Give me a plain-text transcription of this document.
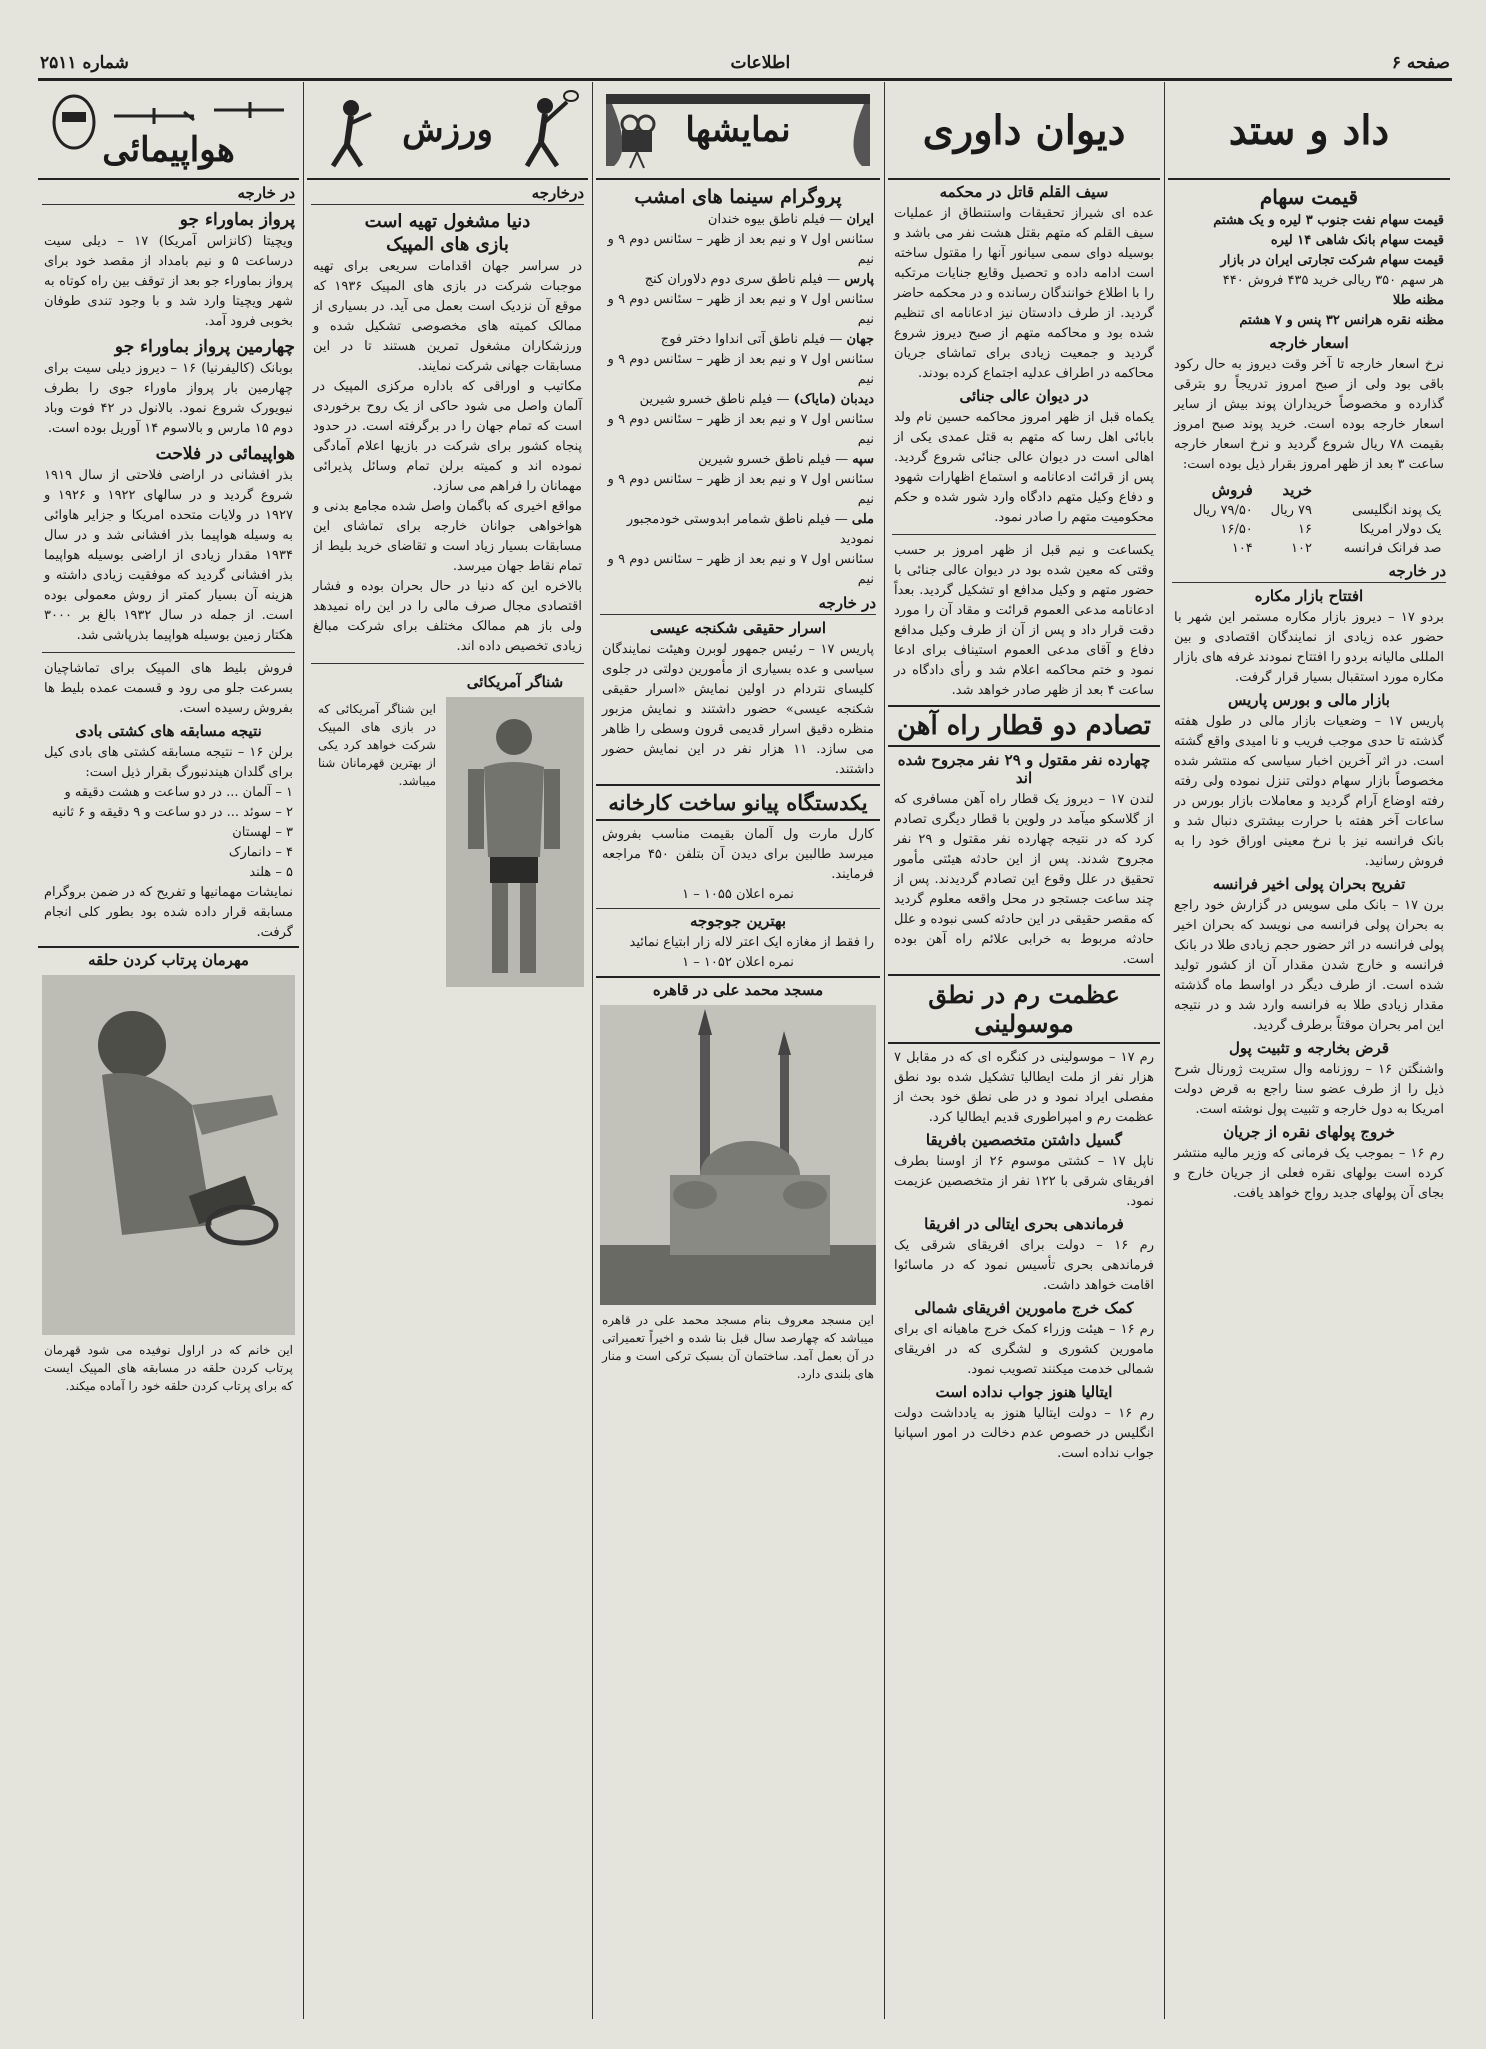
صفحه ۶
اطلاعات
شماره ۲۵۱۱
داد و ستد
قیمت سهام
قیمت سهام نفت جنوب ۳ لیره و یک هشتم
قیمت سهام بانک شاهی ۱۴ لیره
قیمت سهام شرکت تجارتی ایران در بازار
هر سهم ۳۵۰ ریالی خرید ۴۳۵ فروش ۴۴۰
مظنه طلا
مظنه نقره هرانس ۳۲ پنس و ۷ هشتم
اسعار خارجه
نرخ اسعار خارجه تا آخر وقت دیروز به حال رکود باقی بود ولی از صبح امروز تدریجاً رو بترقی گذارده و مخصوصاً خریداران پوند بیش از سایر اسعار خارجه بوده است. خرید پوند صبح امروز بقیمت ۷۸ ریال شروع گردید و نرخ اسعار خارجه ساعت ۳ بعد از ظهر امروز بقرار ذیل بوده است:
	خرید	فروش
یک پوند انگلیسی	۷۹ ریال	۷۹/۵۰ ریال
یک دولار امریکا	۱۶	۱۶/۵۰
صد فرانک فرانسه	۱۰۲	۱۰۴
در خارجه
افتتاح بازار مکاره
بردو ۱۷ – دیروز بازار مکاره مستمر این شهر با حضور عده زیادی از نمایندگان اقتصادی و بین المللی مالیانه بردو را افتتاح نمودند غرفه های بازار مکاره مورد استقبال بسیار قرار گرفت.
بازار مالی و بورس پاریس
پاریس ۱۷ – وضعیات بازار مالی در طول هفته گذشته تا حدی موجب فریب و نا امیدی واقع گشته است. در اثر آخرین اخبار سیاسی که منتشر شده مخصوصاً بازار سهام دولتی تنزل نموده ولی رفته رفته اوضاع آرام گردید و معاملات بازار بورس در ساعات آخر هفته با حرارت بیشتری دنبال شد و بانک فرانسه نیز با نرخ معینی اوراق خود را به فروش رسانید.
تفریح بحران پولی اخیر فرانسه
برن ۱۷ – بانک ملی سویس در گزارش خود راجع به بحران پولی فرانسه می نویسد که بحران اخیر پولی فرانسه در اثر حضور حجم زیادی طلا در بانک فرانسه و خارج شدن مقدار آن از کشور تولید شده است. از طرف دیگر در اواسط ماه گذشته مقدار زیادی طلا به فرانسه وارد شد و در نتیجه این امر بحران موقتاً برطرف گردید.
قرض بخارجه و تثبیت پول
واشنگتن ۱۶ – روزنامه وال ستریت ژورنال شرح ذیل را از طرف عضو سنا راجع به قرض دولت امریکا به دول خارجه و تثبیت پول نوشته است.
خروج پولهای نقره از جریان
رم ۱۶ – بموجب یک فرمانی که وزیر مالیه منتشر کرده است بولهای نقره فعلی از جریان خارج و بجای آن پولهای جدید رواج خواهد یافت.
دیوان داوری
سیف القلم قاتل در محکمه
عده ای شیراز تحقیقات واستنطاق از عملیات سیف القلم که متهم بقتل هشت نفر می باشد و بوسیله دوای سمی سیانور آنها را مقتول ساخته است ادامه داده و تحصیل وقایع جنایات مرتکبه را با اطلاع خوانندگان رسانده و در محکمه حاضر گردید. از طرف دادستان نیز ادعانامه ای تنظیم شده بود و محاکمه متهم از صبح دیروز شروع گردید و جمعیت زیادی برای تماشای جریان محاکمه در اطراف عدلیه اجتماع کرده بودند.
در دیوان عالی جنائی
یکماه قبل از ظهر امروز محاکمه حسین نام ولد بابائی اهل رسا که متهم به قتل عمدی یکی از اهالی است در دیوان عالی جنائی شروع گردید. پس از قرائت ادعانامه و استماع اظهارات شهود و دفاع وکیل متهم دادگاه وارد شور شده و حکم محکومیت متهم را صادر نمود.
یکساعت و نیم قبل از ظهر امروز بر حسب وقتی که معین شده بود در دیوان عالی جنائی با حضور متهم و وکیل مدافع او تشکیل گردید. بعداً ادعانامه مدعی العموم قرائت و مقاد آن را مورد دقت قرار داد و پس از آن از طرف وکیل مدافع دفاع و آقای مدعی العموم استیناف برای ادعا نمود و ختم محاکمه اعلام شد و رأی دادگاه در ساعت ۴ بعد از ظهر صادر خواهد شد.
تصادم دو قطار راه آهن
چهارده نفر مقتول و ۲۹ نفر مجروح شده اند
لندن ۱۷ – دیروز یک قطار راه آهن مسافری که از گلاسکو میآمد در ولوین با قطار دیگری تصادم کرد که در نتیجه چهارده نفر مقتول و ۲۹ نفر مجروح شدند. پس از این حادثه هیئتی مأمور تحقیق در علل وقوع این تصادم گردیدند. پس از چند ساعت جستجو در محل واقعه معلوم گردید که مقصر حقیقی در این حادثه کسی نبوده و علل حادثه مربوط به خرابی علائم راه آهن بوده است.
عظمت رم در نطق موسولینی
رم ۱۷ – موسولینی در کنگره ای که در مقابل ۷ هزار نفر از ملت ایطالیا تشکیل شده بود نطق مفصلی ایراد نمود و در طی نطق خود بحث از عظمت رم و امپراطوری قدیم ایطالیا کرد.
گسیل داشتن متخصصین بافریقا
ناپل ۱۷ – کشتی موسوم ۲۶ از اوسنا بطرف افریقای شرقی با ۱۲۲ نفر از متخصصین عزیمت نمود.
فرماندهی بحری ایتالی در افریقا
رم ۱۶ – دولت برای افریقای شرقی یک فرماندهی بحری تأسیس نمود که در ماسائوا اقامت خواهد داشت.
کمک خرج مامورین افریقای شمالی
رم ۱۶ – هیئت وزراء کمک خرج ماهیانه ای برای مامورین کشوری و لشگری که در افریقای شمالی خدمت میکنند تصویب نمود.
ایتالیا هنوز جواب نداده است
رم ۱۶ – دولت ایتالیا هنوز به یادداشت دولت انگلیس در خصوص عدم دخالت در امور اسپانیا جواب نداده است.
نمایشها
پروگرام سینما های امشب
ایران — فیلم ناطق بیوه خندان
سئانس اول ۷ و نیم بعد از ظهر – سئانس دوم ۹ و نیم
پارس — فیلم ناطق سری دوم دلاوران کنج
سئانس اول ۷ و نیم بعد از ظهر – سئانس دوم ۹ و نیم
جهان — فیلم ناطق آتی انداوا دختر فوج
سئانس اول ۷ و نیم بعد از ظهر – سئانس دوم ۹ و نیم
دیدبان (مایاک) — فیلم ناطق خسرو شیرین
سئانس اول ۷ و نیم بعد از ظهر – سئانس دوم ۹ و نیم
سپه — فیلم ناطق خسرو شیرین
سئانس اول ۷ و نیم بعد از ظهر – سئانس دوم ۹ و نیم
ملی — فیلم ناطق شمامر ابدوستی خودمجبور نمودید
سئانس اول ۷ و نیم بعد از ظهر – سئانس دوم ۹ و نیم
در خارجه
اسرار حقیقی شکنجه عیسی
پاریس ۱۷ – رئیس جمهور لوبرن وهیئت نمایندگان سیاسی و عده بسیاری از مأمورین دولتی در جلوی کلیسای نتردام در اولین نمایش «اسرار حقیقی شکنجه عیسی» حضور داشتند و نمایش مزبور منظره دقیق اسرار قدیمی قرون وسطی را ظاهر می سازد. ۱۱ هزار نفر در این نمایش حضور داشتند.
یکدستگاه پیانو ساخت کارخانه
کارل مارت ول آلمان بقیمت مناسب بفروش میرسد طالبین برای دیدن آن بتلفن ۴۵۰ مراجعه فرمایند.
نمره اعلان ۱۰۵۵ – ۱
بهترین جوجوجه
را فقط از مغازه ایک اعتر لاله زار ابتیاع نمائید
نمره اعلان ۱۰۵۲ – ۱
مسجد محمد علی در قاهره
این مسجد معروف بنام مسجد محمد علی در قاهره میباشد که چهارصد سال قبل بنا شده و اخیراً تعمیراتی در آن بعمل آمد. ساختمان آن بسبک ترکی است و منار های بلندی دارد.
ورزش
درخارجه
دنیا مشغول تهیه است
بازی های المپیک
در سراسر جهان اقدامات سریعی برای تهیه موجبات شرکت در بازی های المپیک ۱۹۳۶ که موقع آن نزدیک است بعمل می آید. در بسیاری از ممالک کمیته های مخصوصی تشکیل شده و ورزشکاران مشغول تمرین هستند تا در این مسابقات جهانی شرکت نمایند.
مکاتیب و اوراقی که باداره مرکزی المپیک در آلمان واصل می شود حاکی از یک روح برخوردی است که تمام جهان را در برگرفته است. در حدود پنجاه کشور برای شرکت در بازیها اعلام آمادگی نموده اند و کمیته برلن تمام وسائل پذیرائی مهمانان را فراهم می سازد.
مواقع اخیری که باگمان واصل شده مجامع بدنی و هواخواهی جوانان خارجه برای تماشای این مسابقات بسیار زیاد است و تقاضای خرید بلیط از تمام نقاط جهان میرسد.
بالاخره این که دنیا در حال بحران بوده و فشار اقتصادی مجال صرف مالی را در این راه نمیدهد ولی باز هم ممالک مختلف برای شرکت مبالغ زیادی تخصیص داده اند.
شناگر آمریکائی
این شناگر آمریکائی که در بازی های المپیک شرکت خواهد کرد یکی از بهترین قهرمانان شنا میباشد.
هواپیمائی
در خارجه
پرواز بماوراء جو
ویچیتا (کانزاس آمریکا) ۱۷ – دیلی سیت درساعت ۵ و نیم بامداد از مقصد خود برای پرواز بماوراء جو بعد از توقف بین راه کوتاه به شهر ویچیتا وارد شد و با وجود تندی طوفان بخوبی فرود آمد.
چهارمین پرواز بماوراء جو
بوبانک (کالیفرنیا) ۱۶ – دیروز دیلی سیت برای چهارمین بار پرواز ماوراء جوی را بطرف نیویورک شروع نمود. بالانول در ۴۲ فوت وباد دوم ۱۵ مارس و بالاسوم ۱۴ آوریل بوده است.
هواپیمائی در فلاحت
بذر افشانی در اراضی فلاحتی از سال ۱۹۱۹ شروع گردید و در سالهای ۱۹۲۲ و ۱۹۲۶ و ۱۹۲۷ در ولایات متحده امریکا و جزایر هاوائی به وسیله هواپیما بذر افشانی شد و در سال ۱۹۳۴ مقدار زیادی از اراضی بوسیله هواپیما بذر افشانی گردید که موفقیت زیادی داشته و هزینه آن بسیار کمتر از روش معمولی بوده است. از جمله در سال ۱۹۳۲ بالغ بر ۳۰۰۰ هکتار زمین بوسیله هواپیما بذرپاشی شد.
فروش بلیط های المپیک برای تماشاچیان بسرعت جلو می رود و قسمت عمده بلیط ها بفروش رسیده است.
نتیجه مسابقه های کشتی بادی
برلن ۱۶ – نتیجه مسابقه کشتی های بادی کیل برای گلدان هیندنبورگ بقرار ذیل است:
۱ – آلمان ... در دو ساعت و هشت دقیقه و
۲ – سوئد ... در دو ساعت و ۹ دقیقه و ۶ ثانیه
۳ – لهستان
۴ – دانمارک
۵ – هلند
نمایشات مهمانیها و تفریح که در ضمن بروگرام مسابقه قرار داده شده بود بطور کلی انجام گرفت.
مهرمان پرتاب کردن حلقه
این خانم که در اراول نوفیده می شود قهرمان پرتاب کردن حلقه در مسابقه های المپیک ایست که برای پرتاب کردن حلقه خود را آماده میکند.
